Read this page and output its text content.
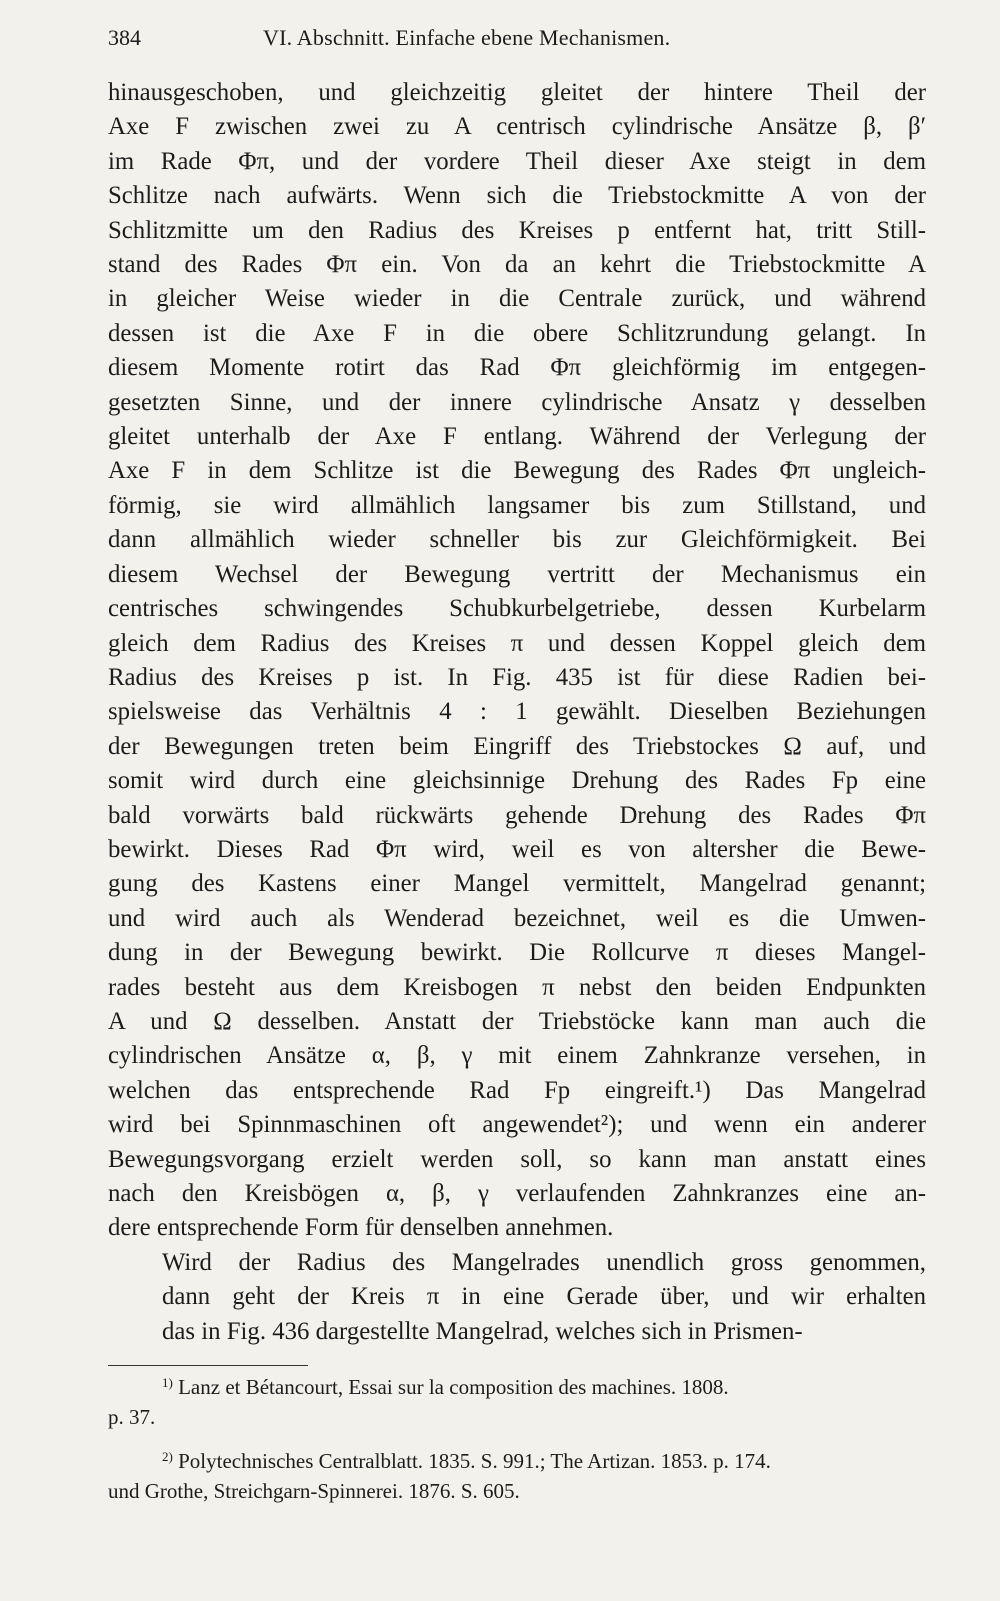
384	VI. Abschnitt. Einfache ebene Mechanismen.

hinausgeschoben, und gleichzeitig gleitet der hintere Theil der
Axe F zwischen zwei zu A centrisch cylindrische Ansätze β, β′
im Rade Φπ, und der vordere Theil dieser Axe steigt in dem
Schlitze nach aufwärts. Wenn sich die Triebstockmitte A von der
Schlitzmitte um den Radius des Kreises p entfernt hat, tritt Still-
stand des Rades Φπ ein. Von da an kehrt die Triebstockmitte A
in gleicher Weise wieder in die Centrale zurück, und während
dessen ist die Axe F in die obere Schlitzrundung gelangt. In
diesem Momente rotirt das Rad Φπ gleichförmig im entgegen-
gesetzten Sinne, und der innere cylindrische Ansatz γ desselben
gleitet unterhalb der Axe F entlang. Während der Verlegung der
Axe F in dem Schlitze ist die Bewegung des Rades Φπ ungleich-
förmig, sie wird allmählich langsamer bis zum Stillstand, und
dann allmählich wieder schneller bis zur Gleichförmigkeit. Bei
diesem Wechsel der Bewegung vertritt der Mechanismus ein
centrisches schwingendes Schubkurbelgetriebe, dessen Kurbelarm
gleich dem Radius des Kreises π und dessen Koppel gleich dem
Radius des Kreises p ist. In Fig. 435 ist für diese Radien bei-
spielsweise das Verhältnis 4 : 1 gewählt. Dieselben Beziehungen
der Bewegungen treten beim Eingriff des Triebstockes Ω auf, und
somit wird durch eine gleichsinnige Drehung des Rades Fp eine
bald vorwärts bald rückwärts gehende Drehung des Rades Φπ
bewirkt. Dieses Rad Φπ wird, weil es von altersher die Bewe-
gung des Kastens einer Mangel vermittelt, Mangelrad genannt;
und wird auch als Wenderad bezeichnet, weil es die Umwen-
dung in der Bewegung bewirkt. Die Rollcurve π dieses Mangel-
rades besteht aus dem Kreisbogen π nebst den beiden Endpunkten
A und Ω desselben. Anstatt der Triebstöcke kann man auch die
cylindrischen Ansätze α, β, γ mit einem Zahnkranze versehen, in
welchen das entsprechende Rad Fp eingreift.¹) Das Mangelrad
wird bei Spinnmaschinen oft angewendet²); und wenn ein anderer
Bewegungsvorgang erzielt werden soll, so kann man anstatt eines
nach den Kreisbögen α, β, γ verlaufenden Zahnkranzes eine an-
dere entsprechende Form für denselben annehmen.

Wird der Radius des Mangelrades unendlich gross genommen,
dann geht der Kreis π in eine Gerade über, und wir erhalten
das in Fig. 436 dargestellte Mangelrad, welches sich in Prismen-

$^{1)}$ Lanz et Bétancourt, Essai sur la composition des machines. 1808.
p. 37.
$^{2)}$ Polytechnisches Centralblatt. 1835. S. 991.; The Artizan. 1853. p. 174.
und Grothe, Streichgarn-Spinnerei. 1876. S. 605.
